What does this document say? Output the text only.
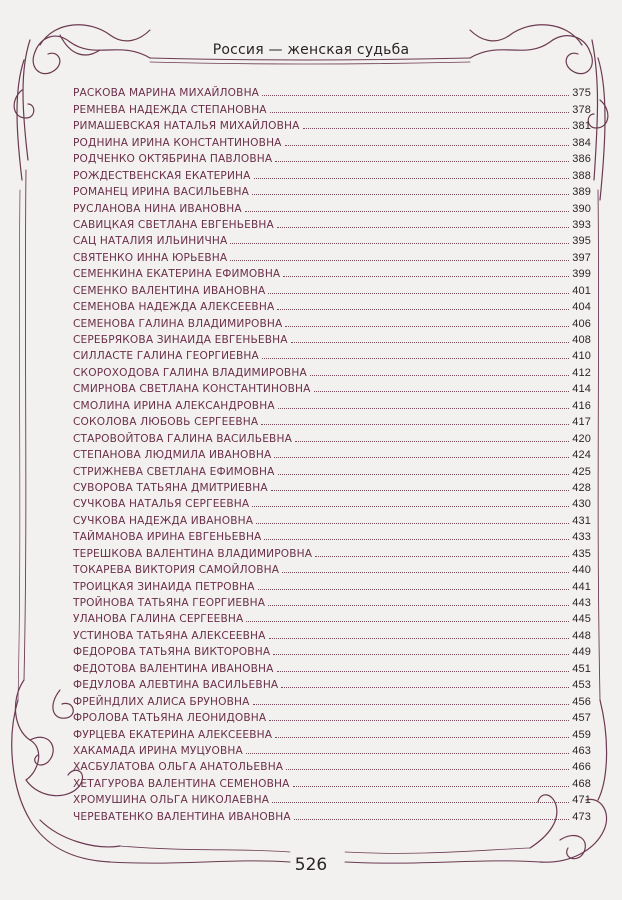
Россия — женская судьба
РАСКОВА МАРИНА МИХАЙЛОВНА	375
РЕМНЕВА НАДЕЖДА СТЕПАНОВНА	378
РИМАШЕВСКАЯ НАТАЛЬЯ МИХАЙЛОВНА	381
РОДНИНА ИРИНА КОНСТАНТИНОВНА	384
РОДЧЕНКО ОКТЯБРИНА ПАВЛОВНА	386
РОЖДЕСТВЕНСКАЯ ЕКАТЕРИНА	388
РОМАНЕЦ ИРИНА ВАСИЛЬЕВНА	389
РУСЛАНОВА НИНА ИВАНОВНА	390
САВИЦКАЯ СВЕТЛАНА ЕВГЕНЬЕВНА	393
САЦ НАТАЛИЯ ИЛЬИНИЧНА	395
СВЯТЕНКО ИННА ЮРЬЕВНА	397
СЕМЕНКИНА ЕКАТЕРИНА ЕФИМОВНА	399
СЕМЕНКО ВАЛЕНТИНА ИВАНОВНА	401
СЕМЕНОВА НАДЕЖДА АЛЕКСЕЕВНА	404
СЕМЕНОВА ГАЛИНА ВЛАДИМИРОВНА	406
СЕРЕБРЯКОВА ЗИНАИДА ЕВГЕНЬЕВНА	408
СИЛЛАСТЕ ГАЛИНА ГЕОРГИЕВНА	410
СКОРОХОДОВА ГАЛИНА ВЛАДИМИРОВНА	412
СМИРНОВА СВЕТЛАНА КОНСТАНТИНОВНА	414
СМОЛИНА ИРИНА АЛЕКСАНДРОВНА	416
СОКОЛОВА ЛЮБОВЬ СЕРГЕЕВНА	417
СТАРОВОЙТОВА ГАЛИНА ВАСИЛЬЕВНА	420
СТЕПАНОВА ЛЮДМИЛА ИВАНОВНА	424
СТРИЖНЕВА СВЕТЛАНА ЕФИМОВНА	425
СУВОРОВА ТАТЬЯНА ДМИТРИЕВНА	428
СУЧКОВА НАТАЛЬЯ СЕРГЕЕВНА	430
СУЧКОВА НАДЕЖДА ИВАНОВНА	431
ТАЙМАНОВА ИРИНА ЕВГЕНЬЕВНА	433
ТЕРЕШКОВА ВАЛЕНТИНА ВЛАДИМИРОВНА	435
ТОКАРЕВА ВИКТОРИЯ САМОЙЛОВНА	440
ТРОИЦКАЯ ЗИНАИДА ПЕТРОВНА	441
ТРОЙНОВА ТАТЬЯНА ГЕОРГИЕВНА	443
УЛАНОВА ГАЛИНА СЕРГЕЕВНА	445
УСТИНОВА ТАТЬЯНА АЛЕКСЕЕВНА	448
ФЕДОРОВА ТАТЬЯНА ВИКТОРОВНА	449
ФЕДОТОВА ВАЛЕНТИНА ИВАНОВНА	451
ФЕДУЛОВА АЛЕВТИНА ВАСИЛЬЕВНА	453
ФРЕЙНДЛИХ АЛИСА БРУНОВНА	456
ФРОЛОВА ТАТЬЯНА ЛЕОНИДОВНА	457
ФУРЦЕВА ЕКАТЕРИНА АЛЕКСЕЕВНА	459
ХАКАМАДА ИРИНА МУЦУОВНА	463
ХАСБУЛАТОВА ОЛЬГА АНАТОЛЬЕВНА	466
ХЕТАГУРОВА ВАЛЕНТИНА СЕМЕНОВНА	468
ХРОМУШИНА ОЛЬГА НИКОЛАЕВНА	471
ЧЕРЕВАТЕНКО ВАЛЕНТИНА ИВАНОВНА	473
526
